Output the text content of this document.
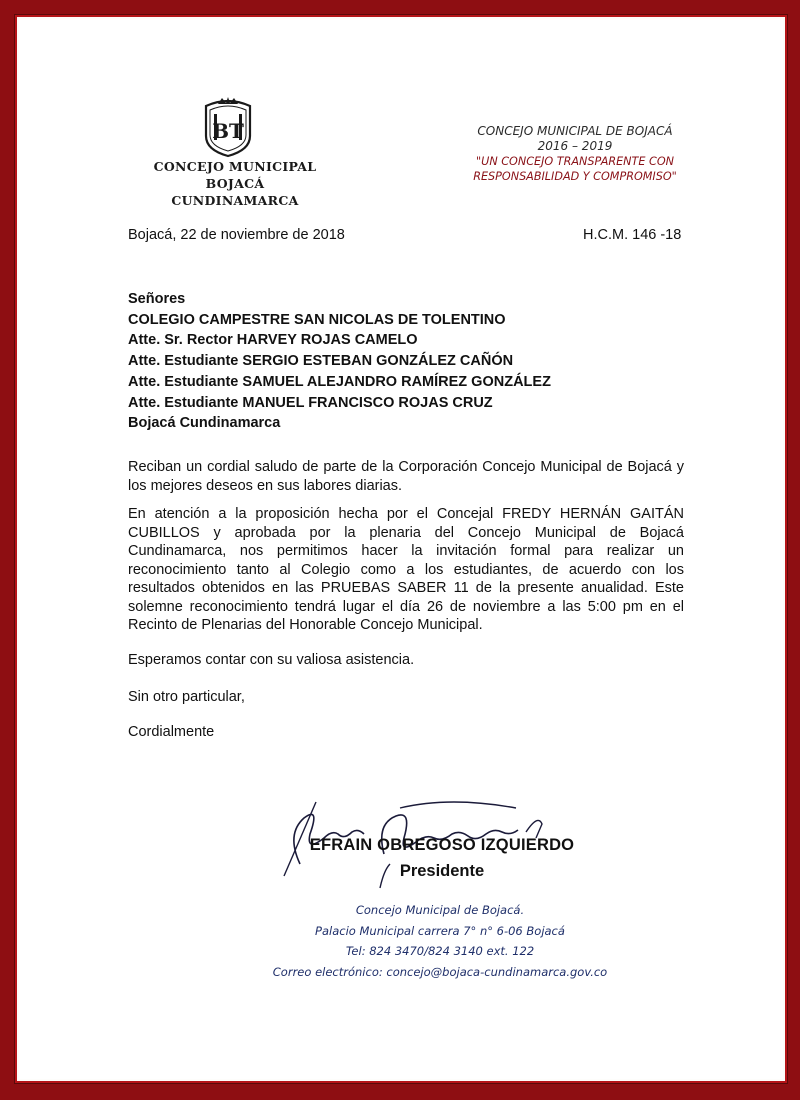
BT
CONCEJO MUNICIPAL
BOJACÁ CUNDINAMARCA
CONCEJO MUNICIPAL DE BOJACÁ
2016 – 2019
"UN CONCEJO TRANSPARENTE CON
RESPONSABILIDAD Y COMPROMISO"
Bojacá, 22 de noviembre de 2018	H.C.M. 146 -18
Señores
COLEGIO CAMPESTRE SAN NICOLAS DE TOLENTINO
Atte. Sr. Rector HARVEY ROJAS CAMELO
Atte. Estudiante SERGIO ESTEBAN GONZÁLEZ CAÑÓN
Atte. Estudiante SAMUEL ALEJANDRO RAMÍREZ GONZÁLEZ
Atte. Estudiante MANUEL FRANCISCO ROJAS CRUZ
Bojacá Cundinamarca

Reciban un cordial saludo de parte de la Corporación Concejo Municipal de Bojacá y los mejores deseos en sus labores diarias.

En atención a la proposición hecha por el Concejal FREDY HERNÁN GAITÁN CUBILLOS y aprobada por la plenaria del Concejo Municipal de Bojacá Cundinamarca, nos permitimos hacer la invitación formal para realizar un reconocimiento tanto al Colegio como a los estudiantes, de acuerdo con los resultados obtenidos en las PRUEBAS SABER 11 de la presente anualidad. Este solemne reconocimiento tendrá lugar el día 26 de noviembre a las 5:00 pm en el Recinto de Plenarias del Honorable Concejo Municipal.

Esperamos contar con su valiosa asistencia.
Sin otro particular,
Cordialmente
EFRAIN OBREGOSO IZQUIERDO
Presidente
Concejo Municipal de Bojacá.
Palacio Municipal carrera 7° n° 6-06 Bojacá
Tel: 824 3470/824 3140 ext. 122
Correo electrónico: concejo@bojaca-cundinamarca.gov.co
